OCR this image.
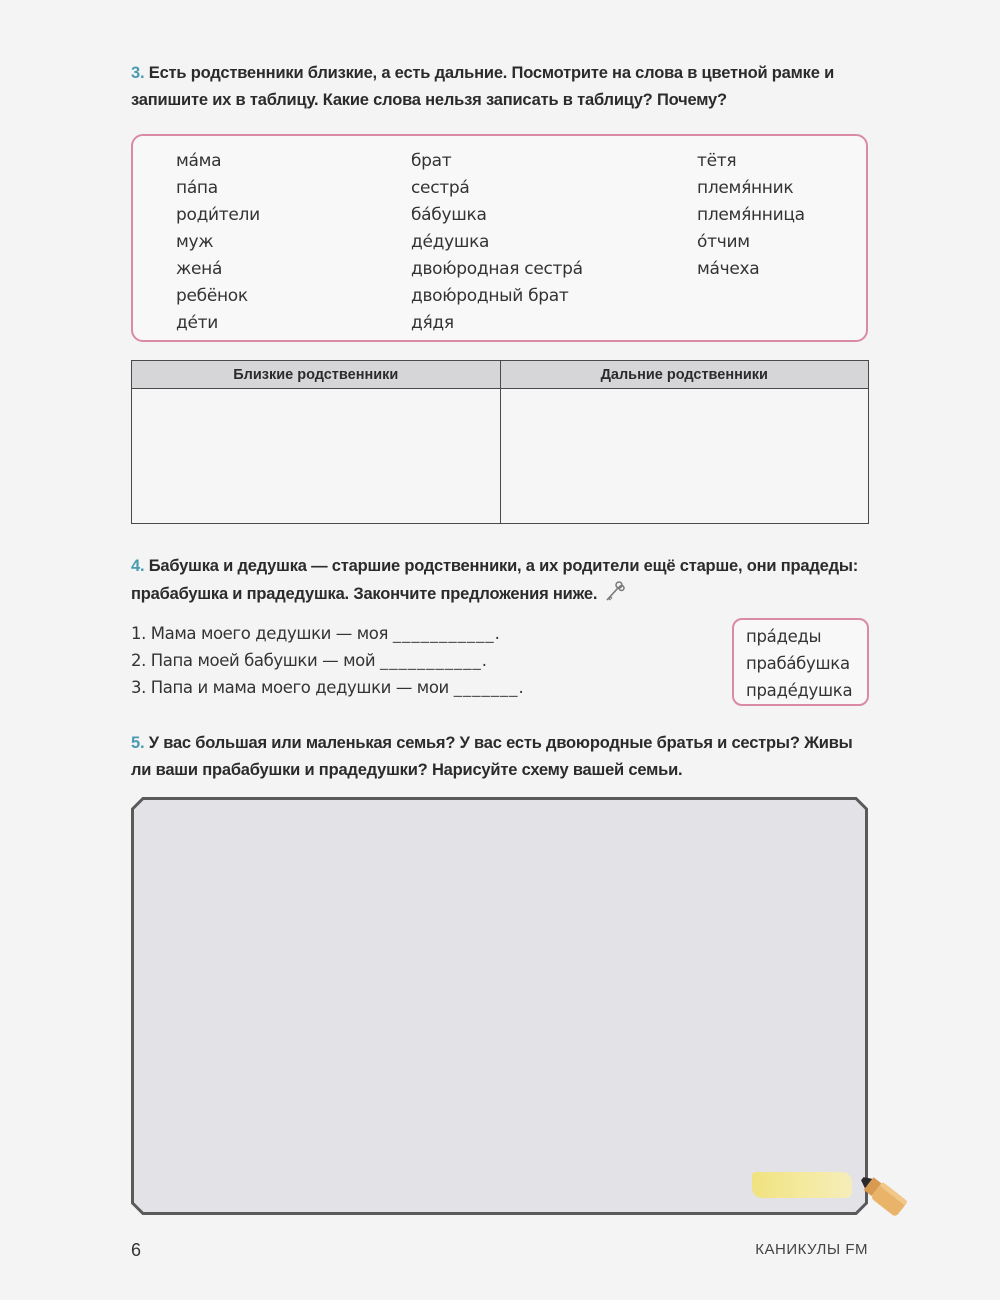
3. Есть родственники близкие, а есть дальние. Посмотрите на слова в цветной рамке и запишите их в таблицу. Какие слова нельзя записать в таблицу? Почему?
ма́ма
па́па
роди́тели
муж
жена́
ребёнок
де́ти
брат
сестра́
ба́бушка
де́душка
двою́родная сестра́
двою́родный брат
дя́дя
тётя
племя́нник
племя́нница
о́тчим
ма́чеха
Близкие родственники	Дальние родственники

4. Бабушка и дедушка — старшие родственники, а их родители ещё старше, они прадеды: прабабушка и прадедушка. Закончите предложения ниже.
1. Мама моего дедушки — моя ___________.
2. Папа моей бабушки — мой ___________.
3. Папа и мама моего дедушки — мои _______.
пра́деды
праба́бушка
праде́душка
5. У вас большая или маленькая семья? У вас есть двоюродные братья и сестры? Живы ли ваши прабабушки и прадедушки? Нарисуйте схему вашей семьи.
6	КАНИКУЛЫ FM
